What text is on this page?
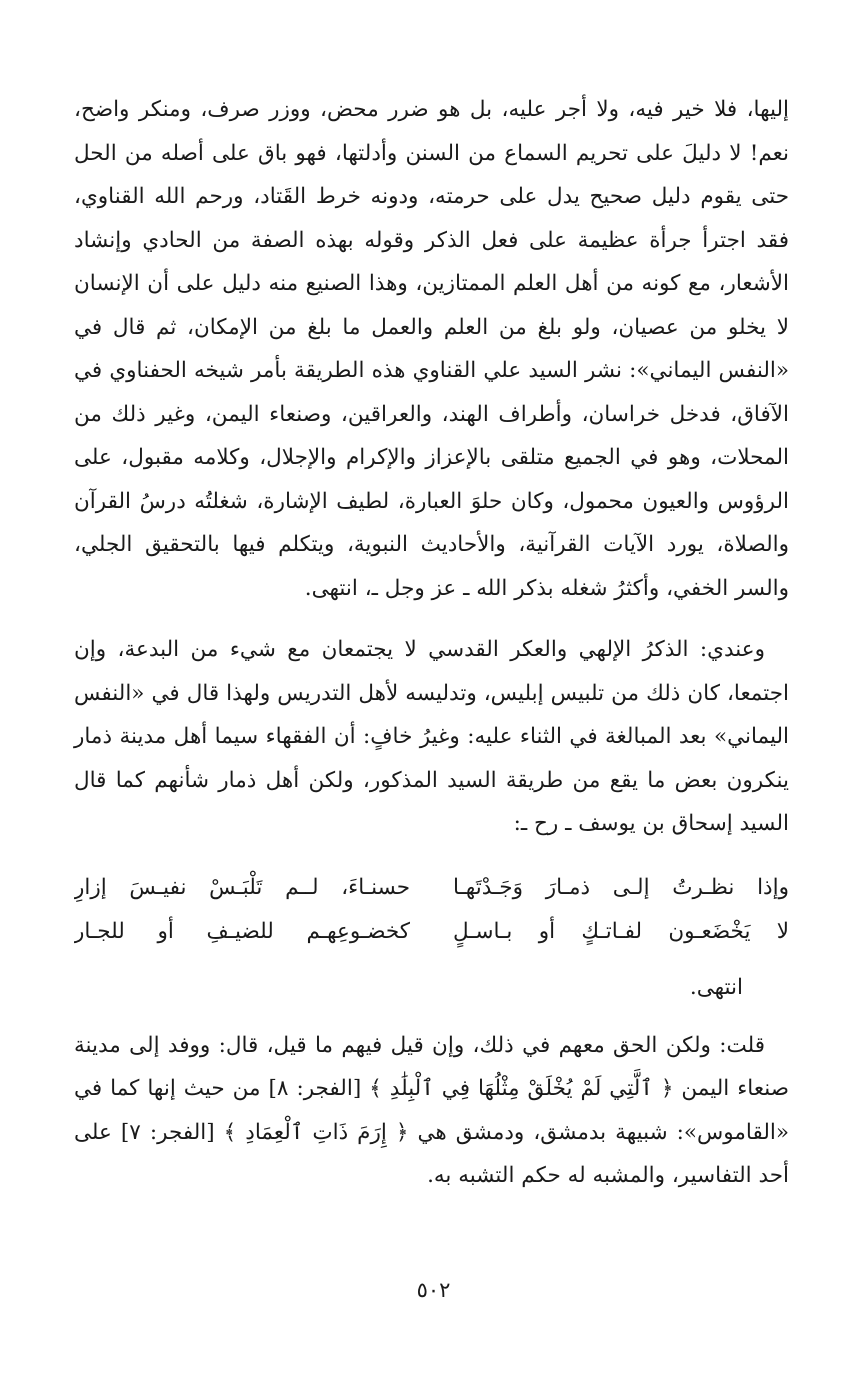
إليها، فلا خير فيه، ولا أجر عليه، بل هو ضرر محض، ووزر صرف، ومنكر واضح، نعم! لا دليلَ على تحريم السماع من السنن وأدلتها، فهو باق على أصله من الحل حتى يقوم دليل صحيح يدل على حرمته، ودونه خرط القَتاد، ورحم الله القناوي، فقد اجترأ جرأة عظيمة على فعل الذكر وقوله بهذه الصفة من الحادي وإنشاد الأشعار، مع كونه من أهل العلم الممتازين، وهذا الصنيع منه دليل على أن الإنسان لا يخلو من عصيان، ولو بلغ من العلم والعمل ما بلغ من الإمكان، ثم قال في «النفس اليماني»: نشر السيد علي القناوي هذه الطريقة بأمر شيخه الحفناوي في الآفاق، فدخل خراسان، وأطراف الهند، والعراقين، وصنعاء اليمن، وغير ذلك من المحلات، وهو في الجميع متلقى بالإعزاز والإكرام والإجلال، وكلامه مقبول، على الرؤوس والعيون محمول، وكان حلوَ العبارة، لطيف الإشارة، شغلتُه درسُ القرآن والصلاة، يورد الآيات القرآنية، والأحاديث النبوية، ويتكلم فيها بالتحقيق الجلي، والسر الخفي، وأكثرُ شغله بذكر الله ـ عز وجل ـ، انتهى.

وعندي: الذكرُ الإلهي والعكر القدسي لا يجتمعان مع شيء من البدعة، وإن اجتمعا، كان ذلك من تلبيس إبليس، وتدليسه لأهل التدريس ولهذا قال في «النفس اليماني» بعد المبالغة في الثناء عليه: وغيرُ خافٍ: أن الفقهاء سيما أهل مدينة ذمار ينكرون بعض ما يقع من طريقة السيد المذكور، ولكن أهل ذمار شأنهم كما قال السيد إسحاق بن يوسف ـ رح ـ:

وإذا نظـرتُ إلـى ذمـارَ وَجَـدْتَهـا
حسنـاءَ، لــم تَلْبَـسْ نفيـسَ إزارِ
لا يَخْضَعـون لفـاتـكٍ أو بـاسـلٍ
كخضـوعِهـم للضيـفِ أو للجـار

انتهى.

قلت: ولكن الحق معهم في ذلك، وإن قيل فيهم ما قيل، قال: ووفد إلى مدينة صنعاء اليمن ﴿ ٱلَّتِي لَمْ يُخْلَقْ مِثْلُهَا فِي ٱلْبِلَٰدِ ﴾ [الفجر: ٨] من حيث إنها كما في «القاموس»: شبيهة بدمشق، ودمشق هي ﴿ إِرَمَ ذَاتِ ٱلْعِمَادِ ﴾ [الفجر: ٧] على أحد التفاسير، والمشبه له حكم التشبه به.

٥٠٢
